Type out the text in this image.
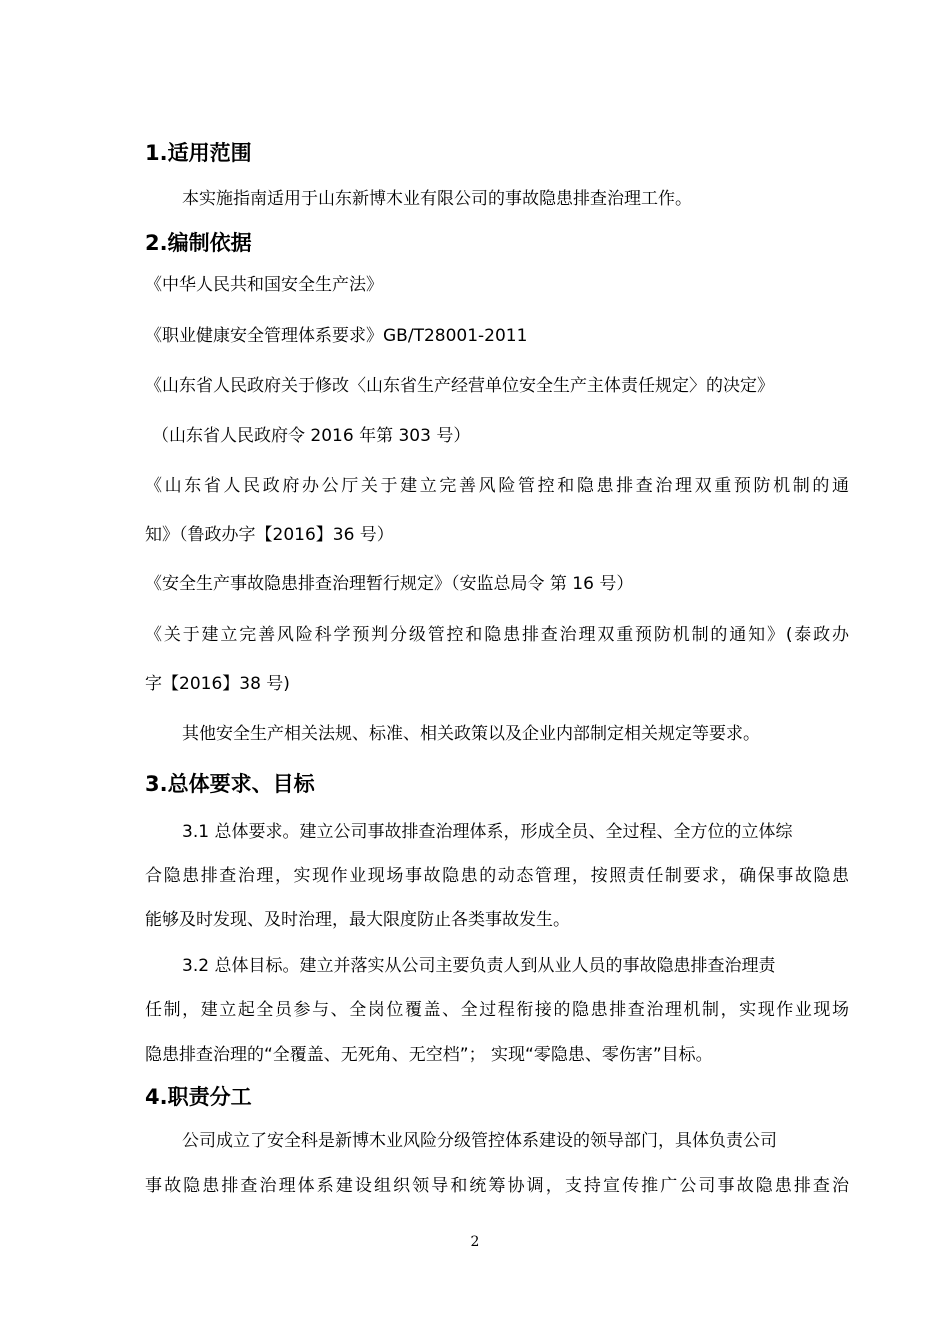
1.适用范围
本实施指南适用于山东新博木业有限公司的事故隐患排查治理工作。
2.编制依据
《中华人民共和国安全生产法》
《职业健康安全管理体系要求》GB/T28001-2011
《山东省人民政府关于修改〈山东省生产经营单位安全生产主体责任规定〉的决定》
（山东省人民政府令 2016 年第 303 号）
《山东省人民政府办公厅关于建立完善风险管控和隐患排查治理双重预防机制的通
知》（鲁政办字【2016】36 号）
《安全生产事故隐患排查治理暂行规定》（安监总局令 第 16 号）
《关于建立完善风险科学预判分级管控和隐患排查治理双重预防机制的通知》(泰政办
字【2016】38 号)
其他安全生产相关法规、标准、相关政策以及企业内部制定相关规定等要求。
3.总体要求、目标
3.1 总体要求。建立公司事故排查治理体系，形成全员、全过程、全方位的立体综
合隐患排查治理，实现作业现场事故隐患的动态管理，按照责任制要求，确保事故隐患
能够及时发现、及时治理，最大限度防止各类事故发生。
3.2 总体目标。建立并落实从公司主要负责人到从业人员的事故隐患排查治理责
任制，建立起全员参与、全岗位覆盖、全过程衔接的隐患排查治理机制，实现作业现场
隐患排查治理的“全覆盖、无死角、无空档”； 实现“零隐患、零伤害”目标。
4.职责分工
公司成立了安全科是新博木业风险分级管控体系建设的领导部门，具体负责公司
事故隐患排查治理体系建设组织领导和统筹协调，支持宣传推广公司事故隐患排查治
2
